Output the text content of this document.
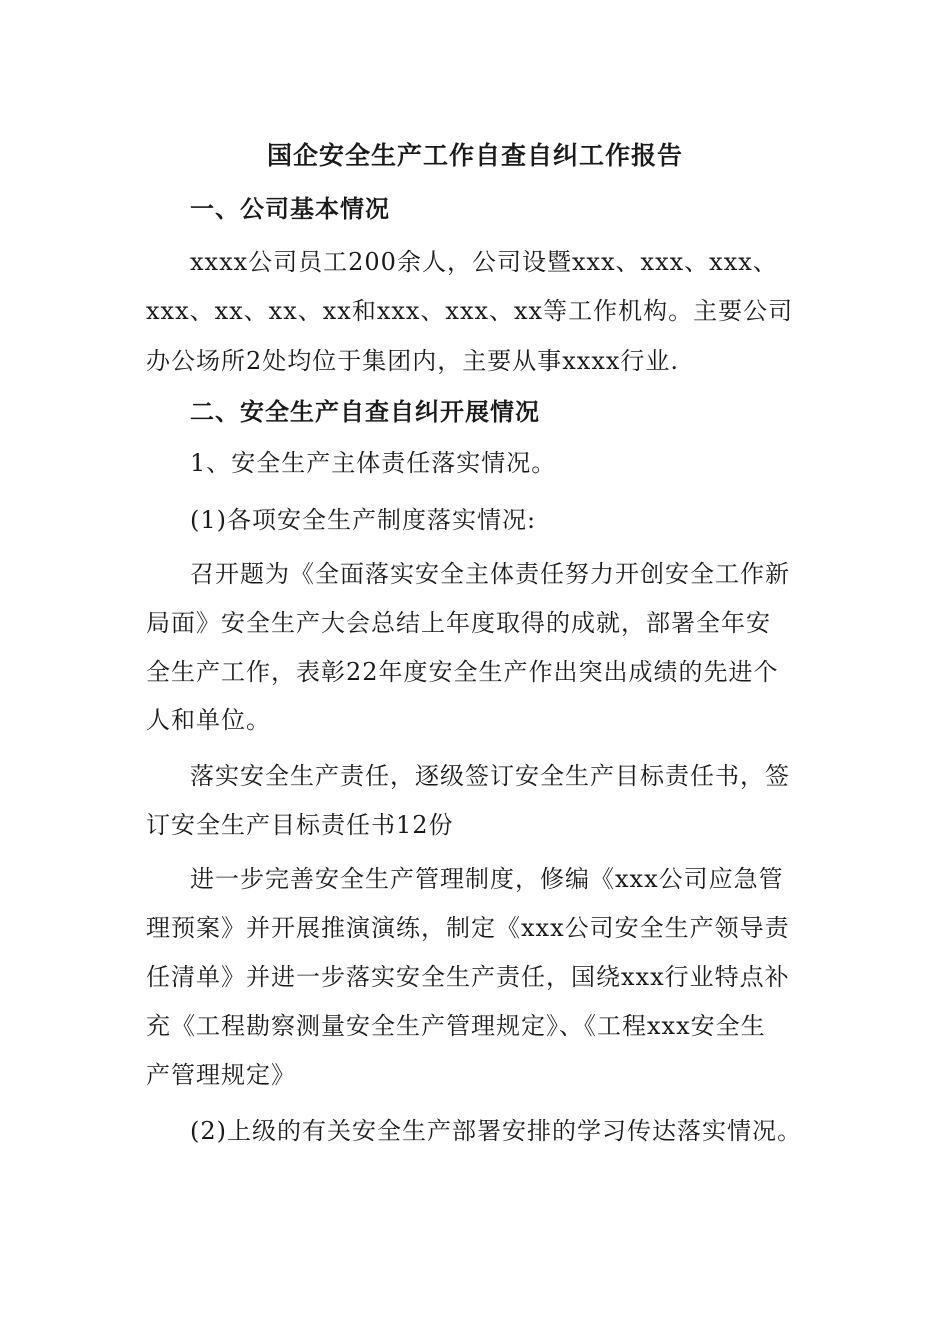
国企安全生产工作自查自纠工作报告
一、公司基本情况
xxxx公司员工200余人，公司设暨xxx、xxx、xxx、
xxx、xx、xx、xx和xxx、xxx、xx等工作机构。主要公司
办公场所2处均位于集团内，主要从事xxxx行业.
二、安全生产自查自纠开展情况
1、安全生产主体责任落实情况。
(1)各项安全生产制度落实情况:
召开题为《全面落实安全主体责任努力开创安全工作新
局面》安全生产大会总结上年度取得的成就，部署全年安
全生产工作，表彰22年度安全生产作出突出成绩的先进个
人和单位。
落实安全生产责任，逐级签订安全生产目标责任书，签
订安全生产目标责任书12份
进一步完善安全生产管理制度，修编《xxx公司应急管
理预案》并开展推演演练，制定《xxx公司安全生产领导责
任清单》并进一步落实安全生产责任，国绕xxx行业特点补
充《工程勘察测量安全生产管理规定》、《工程xxx安全生
产管理规定》
(2)上级的有关安全生产部署安排的学习传达落实情况。
